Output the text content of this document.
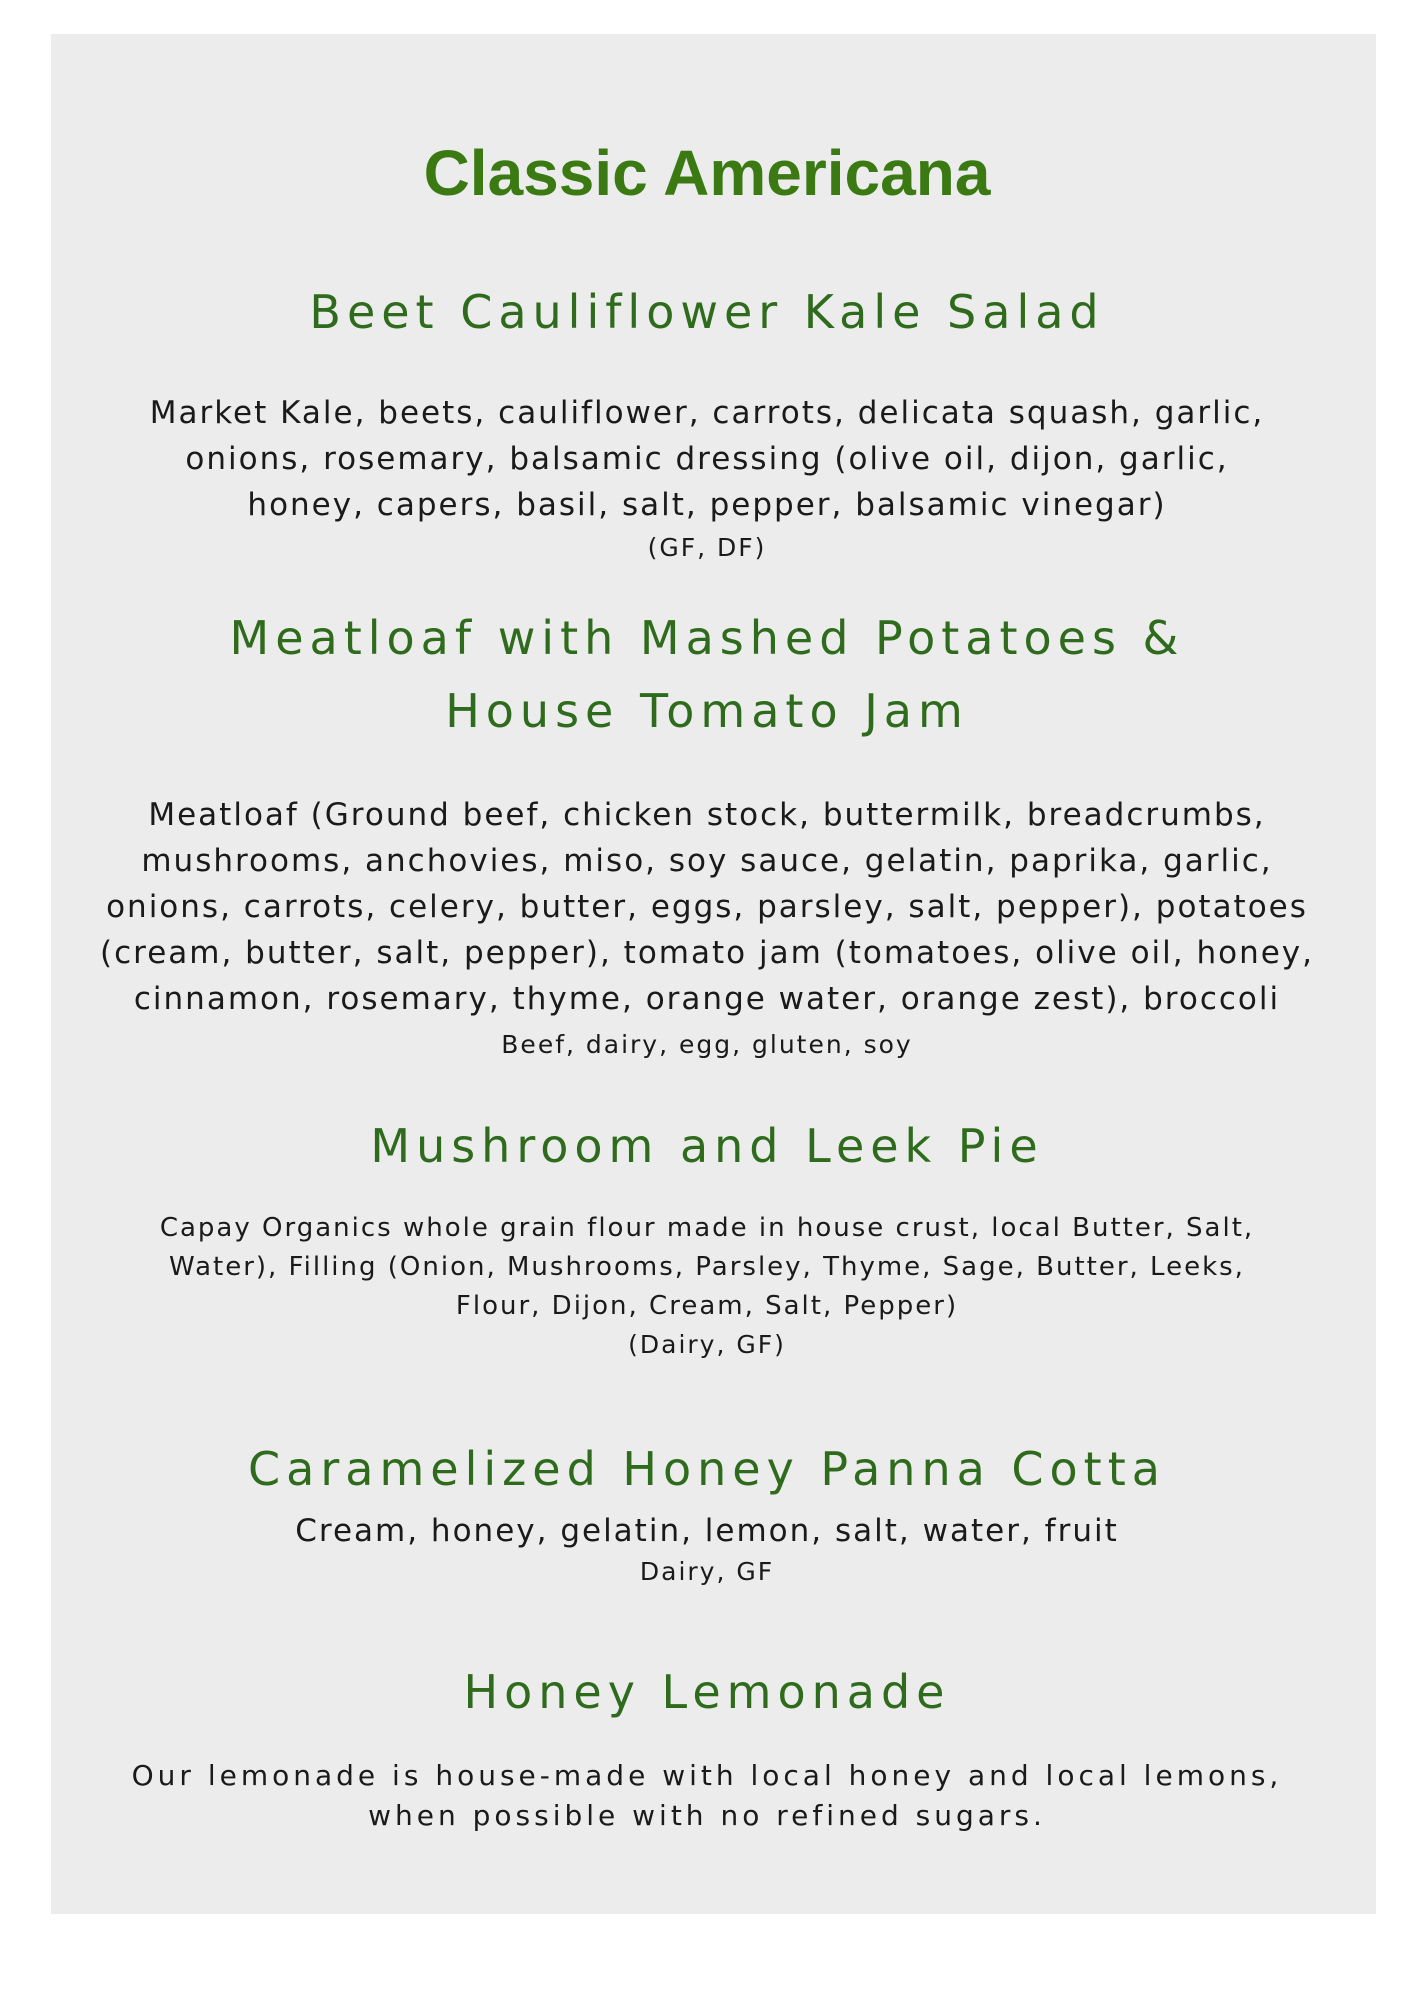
Classic Americana
Beet Cauliflower Kale Salad

Market Kale, beets, cauliflower, carrots, delicata squash, garlic, onions, rosemary, balsamic dressing (olive oil, dijon, garlic, honey, capers, basil, salt, pepper, balsamic vinegar)

(GF, DF)

Meatloaf with Mashed Potatoes & House Tomato Jam

Meatloaf (Ground beef, chicken stock, buttermilk, breadcrumbs, mushrooms, anchovies, miso, soy sauce, gelatin, paprika, garlic, onions, carrots, celery, butter, eggs, parsley, salt, pepper), potatoes (cream, butter, salt, pepper), tomato jam (tomatoes, olive oil, honey, cinnamon, rosemary, thyme, orange water, orange zest), broccoli

Beef, dairy, egg, gluten, soy

Mushroom and Leek Pie

Capay Organics whole grain flour made in house crust, local Butter, Salt, Water), Filling (Onion, Mushrooms, Parsley, Thyme, Sage, Butter, Leeks, Flour, Dijon, Cream, Salt, Pepper)

(Dairy, GF)

Caramelized Honey Panna Cotta

Cream, honey, gelatin, lemon, salt, water, fruit

Dairy, GF

Honey Lemonade

Our lemonade is house-made with local honey and local lemons, when possible with no refined sugars.
